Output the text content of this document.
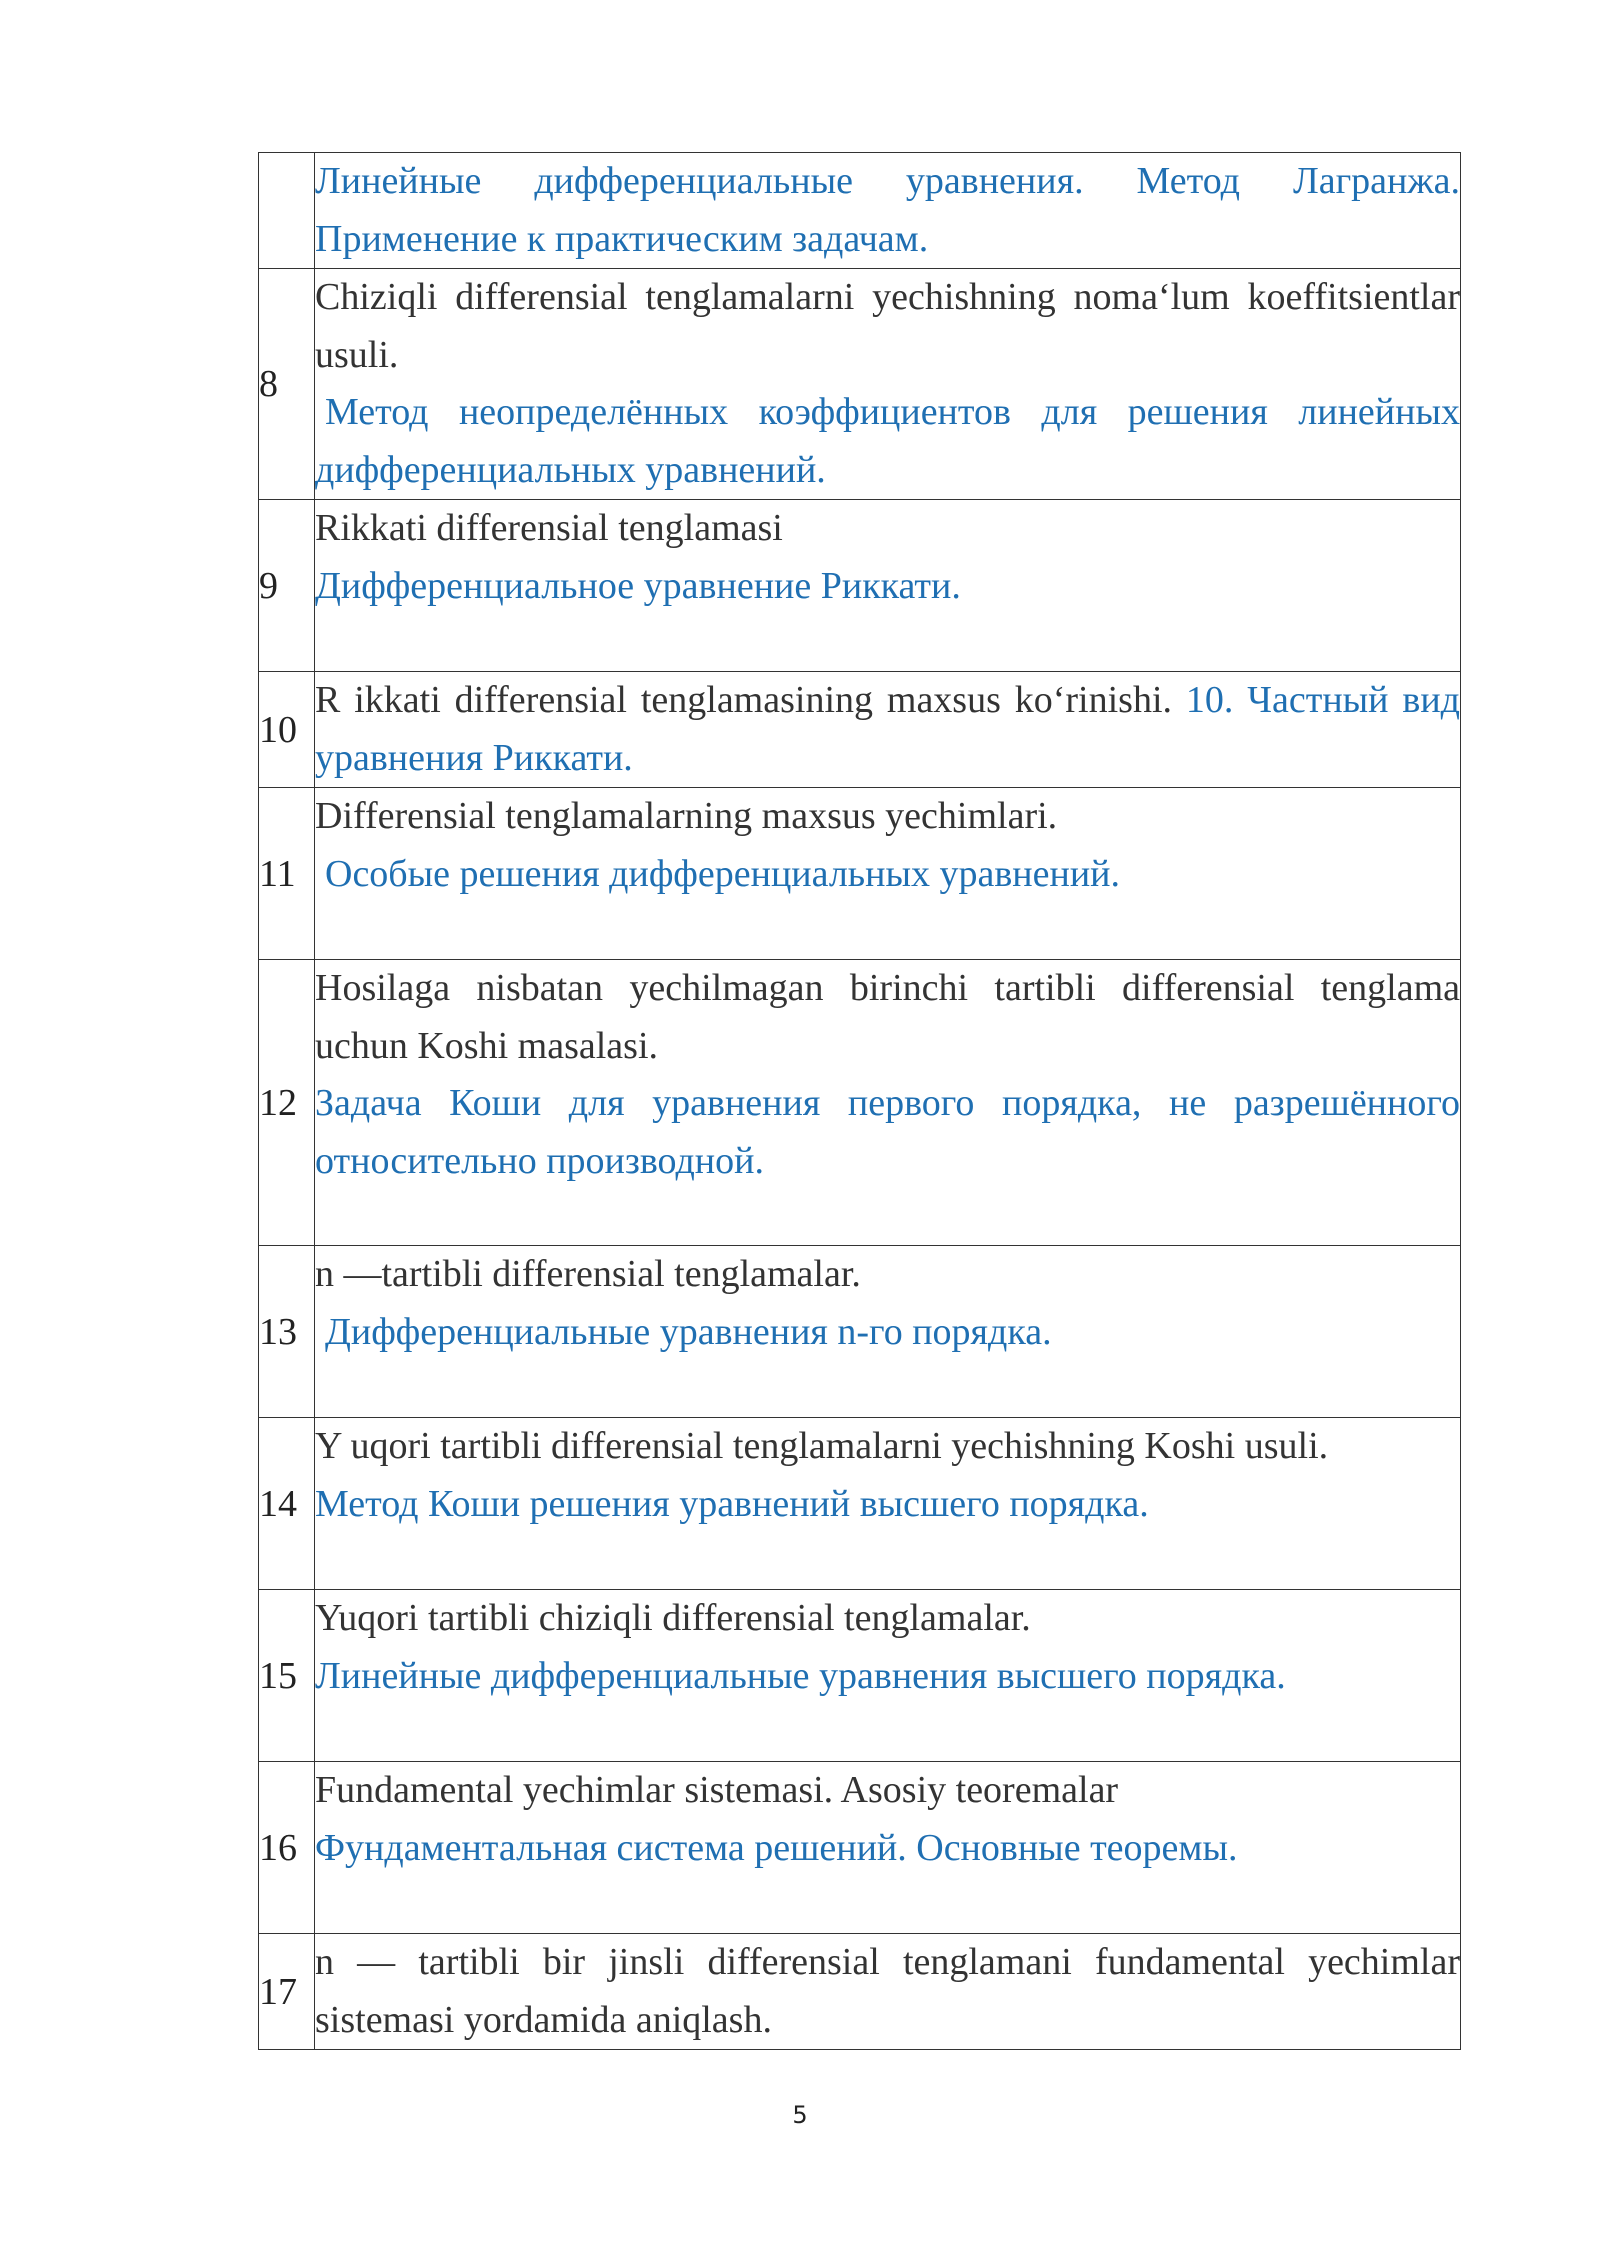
	Линейные дифференциальные уравнения. Метод Лагранжа. Применение к практическим задачам.

8	Chiziqli differensial tenglamalarni yechishning noma‘lum koeffitsientlar usuli.
Метод неопределённых коэффициентов для решения линейных дифференциальных уравнений.

9	Rikkati differensial tenglamasi
Дифференциальное уравнение Риккати.

10	R ikkati differensial tenglamasining maxsus ko‘rinishi. 10. Частный вид уравнения Риккати.
11	Differensial tenglamalarning maxsus yechimlari.
Особые решения дифференциальных уравнений.

12	Hosilaga nisbatan yechilmagan birinchi tartibli differensial tenglama uchun Koshi masalasi.
Задача Коши для уравнения первого порядка, не разрешённого относительно производной.

13	n —tartibli differensial tenglamalar.
Дифференциальные уравнения n-го порядка.

14	Y uqori tartibli differensial tenglamalarni yechishning Koshi usuli.
Метод Коши решения уравнений высшего порядка.

15	Yuqori tartibli chiziqli differensial tenglamalar.
Линейные дифференциальные уравнения высшего порядка.

16	Fundamental yechimlar sistemasi. Asosiy teoremalar
Фундаментальная система решений. Основные теоремы.

17	n — tartibli bir jinsli differensial tenglamani fundamental yechimlar sistemasi yordamida aniqlash.
5
